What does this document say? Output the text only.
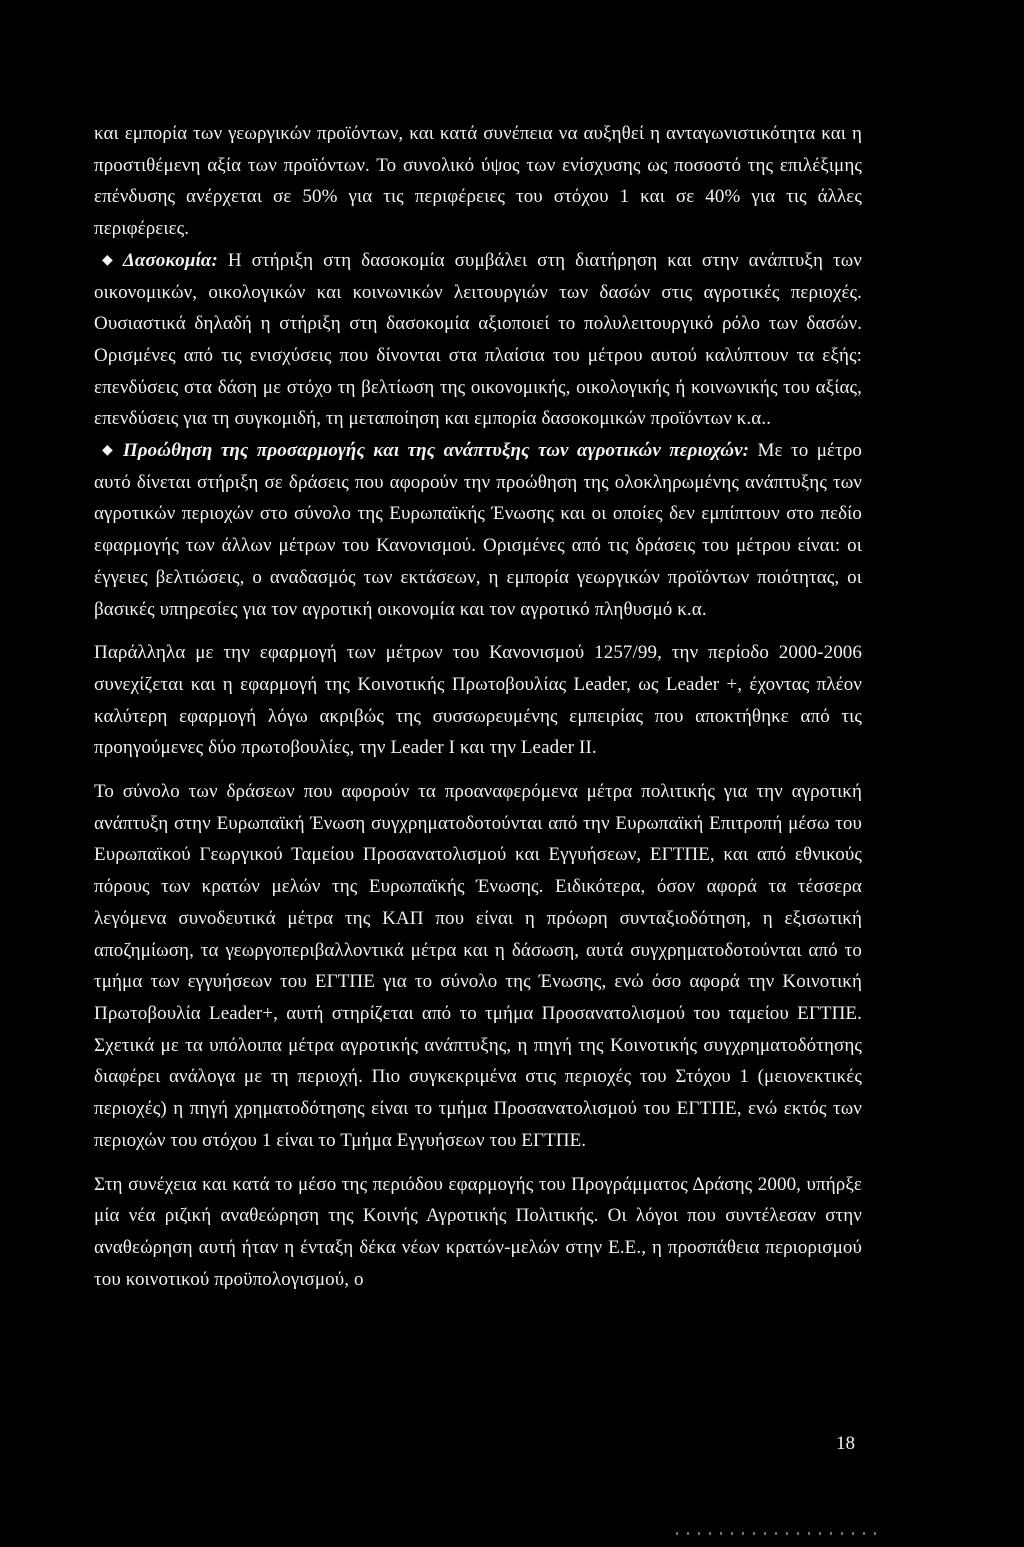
και εμπορία των γεωργικών προϊόντων, και κατά συνέπεια να αυξηθεί η ανταγωνιστικότητα και η προστιθέμενη αξία των προϊόντων. Το συνολικό ύψος των ενίσχυσης ως ποσοστό της επιλέξιμης επένδυσης ανέρχεται σε 50% για τις περιφέρειες του στόχου 1 και σε 40% για τις άλλες περιφέρειες.

◆ Δασοκομία: Η στήριξη στη δασοκομία συμβάλει στη διατήρηση και στην ανάπτυξη των οικονομικών, οικολογικών και κοινωνικών λειτουργιών των δασών στις αγροτικές περιοχές. Ουσιαστικά δηλαδή η στήριξη στη δασοκομία αξιοποιεί το πολυλειτουργικό ρόλο των δασών. Ορισμένες από τις ενισχύσεις που δίνονται στα πλαίσια του μέτρου αυτού καλύπτουν τα εξής: επενδύσεις στα δάση με στόχο τη βελτίωση της οικονομικής, οικολογικής ή κοινωνικής του αξίας, επενδύσεις για τη συγκομιδή, τη μεταποίηση και εμπορία δασοκομικών προϊόντων κ.α..

◆ Προώθηση της προσαρμογής και της ανάπτυξης των αγροτικών περιοχών: Με το μέτρο αυτό δίνεται στήριξη σε δράσεις που αφορούν την προώθηση της ολοκληρωμένης ανάπτυξης των αγροτικών περιοχών στο σύνολο της Ευρωπαϊκής Ένωσης και οι οποίες δεν εμπίπτουν στο πεδίο εφαρμογής των άλλων μέτρων του Κανονισμού. Ορισμένες από τις δράσεις του μέτρου είναι: οι έγγειες βελτιώσεις, ο αναδασμός των εκτάσεων, η εμπορία γεωργικών προϊόντων ποιότητας, οι βασικές υπηρεσίες για τον αγροτική οικονομία και τον αγροτικό πληθυσμό κ.α.

Παράλληλα με την εφαρμογή των μέτρων του Κανονισμού 1257/99, την περίοδο 2000-2006 συνεχίζεται και η εφαρμογή της Κοινοτικής Πρωτοβουλίας Leader, ως Leader +, έχοντας πλέον καλύτερη εφαρμογή λόγω ακριβώς της συσσωρευμένης εμπειρίας που αποκτήθηκε από τις προηγούμενες δύο πρωτοβουλίες, την Leader I και την Leader II.

Το σύνολο των δράσεων που αφορούν τα προαναφερόμενα μέτρα πολιτικής για την αγροτική ανάπτυξη στην Ευρωπαϊκή Ένωση συγχρηματοδοτούνται από την Ευρωπαϊκή Επιτροπή μέσω του Ευρωπαϊκού Γεωργικού Ταμείου Προσανατολισμού και Εγγυήσεων, ΕΓΤΠΕ, και από εθνικούς πόρους των κρατών μελών της Ευρωπαϊκής Ένωσης. Ειδικότερα, όσον αφορά τα τέσσερα λεγόμενα συνοδευτικά μέτρα της ΚΑΠ που είναι η πρόωρη συνταξιοδότηση, η εξισωτική αποζημίωση, τα γεωργοπεριβαλλοντικά μέτρα και η δάσωση, αυτά συγχρηματοδοτούνται από το τμήμα των εγγυήσεων του ΕΓΤΠΕ για το σύνολο της Ένωσης, ενώ όσο αφορά την Κοινοτική Πρωτοβουλία Leader+, αυτή στηρίζεται από το τμήμα Προσανατολισμού του ταμείου ΕΓΤΠΕ. Σχετικά με τα υπόλοιπα μέτρα αγροτικής ανάπτυξης, η πηγή της Κοινοτικής συγχρηματοδότησης διαφέρει ανάλογα με τη περιοχή. Πιο συγκεκριμένα στις περιοχές του Στόχου 1 (μειονεκτικές περιοχές) η πηγή χρηματοδότησης είναι το τμήμα Προσανατολισμού του ΕΓΤΠΕ, ενώ εκτός των περιοχών του στόχου 1 είναι το Τμήμα Εγγυήσεων του ΕΓΤΠΕ.

Στη συνέχεια και κατά το μέσο της περιόδου εφαρμογής του Προγράμματος Δράσης 2000, υπήρξε μία νέα ριζική αναθεώρηση της Κοινής Αγροτικής Πολιτικής. Οι λόγοι που συντέλεσαν στην αναθεώρηση αυτή ήταν η ένταξη δέκα νέων κρατών-μελών στην Ε.Ε., η προσπάθεια περιορισμού του κοινοτικού προϋπολογισμού, ο

18
